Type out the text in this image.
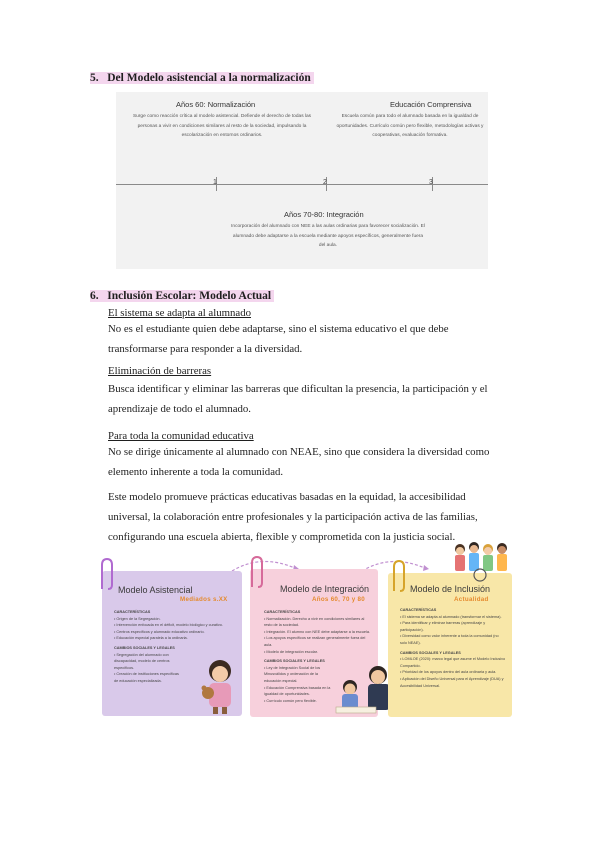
5. Del Modelo asistencial a la normalización
1	2	3
Años 60: Normalización
Surge como reacción crítica al modelo asistencial. Defiende el derecho de todas las personas a vivir en condiciones similares al resto de la sociedad, impulsando la escolarización en entornos ordinarios.
Educación Comprensiva
Escuela común para todo el alumnado basada en la igualdad de oportunidades. Currículo común pero flexible, metodologías activas y cooperativas, evaluación formativa.
Años 70-80: Integración
Incorporación del alumnado con NEE a las aulas ordinarias para favorecer socialización. El alumnado debe adaptarse a la escuela mediante apoyos específicos, generalmente fuera del aula.
6. Inclusión Escolar: Modelo Actual
El sistema se adapta al alumnado
No es el estudiante quien debe adaptarse, sino el sistema educativo el que debe transformarse para responder a la diversidad.
Eliminación de barreras
Busca identificar y eliminar las barreras que dificultan la presencia, la participación y el aprendizaje de todo el alumnado.
Para toda la comunidad educativa
No se dirige únicamente al alumnado con NEAE, sino que considera la diversidad como elemento inherente a toda la comunidad.
Este modelo promueve prácticas educativas basadas en la equidad, la accesibilidad universal, la colaboración entre profesionales y la participación activa de las familias, configurando una escuela abierta, flexible y comprometida con la justicia social.
Modelo Asistencial
Mediados s.XX
CARACTERÍSTICAS
• Origen de la Segregación.
• Intervención enfocada en el déficit, modelo biológico y curativo.
• Centros específicos y alumnado educativo ordinario.
• Educación especial paralela a la ordinaria.
CAMBIOS SOCIALES Y LEGALES
• Segregación del alumnado con discapacidad, modelo de centros específicos.
• Creación de instituciones específicas de educación especializada.
Modelo de Integración
Años 60, 70 y 80
CARACTERÍSTICAS
• Normalización. Derecho a vivir en condiciones similares al resto de la sociedad.
• Integración. El alumno con NEE debe adaptarse a la escuela.
• Los apoyos específicos se realizan generalmente fuera del aula.
• Modelo de integración escolar.
CAMBIOS SOCIALES Y LEGALES
• Ley de Integración Social de los Minusválidos y ordenación de la educación especial.
• Educación Comprensiva basada en la igualdad de oportunidades.
• Currículo común pero flexible.
Modelo de Inclusión
Actualidad
CARACTERÍSTICAS
• El sistema se adapta al alumnado (transformar el sistema).
• Para identificar y eliminar barreras (aprendizaje y participación).
• Diversidad como valor inherente a toda la comunidad (no solo NEAE).
CAMBIOS SOCIALES Y LEGALES
• LOMLOE (2020): marco legal que asume el Modelo Inclusivo Compartido.
• Prioridad de los apoyos dentro del aula ordinaria y aula.
• Aplicación del Diseño Universal para el Aprendizaje (DUA) y Accesibilidad Universal.
